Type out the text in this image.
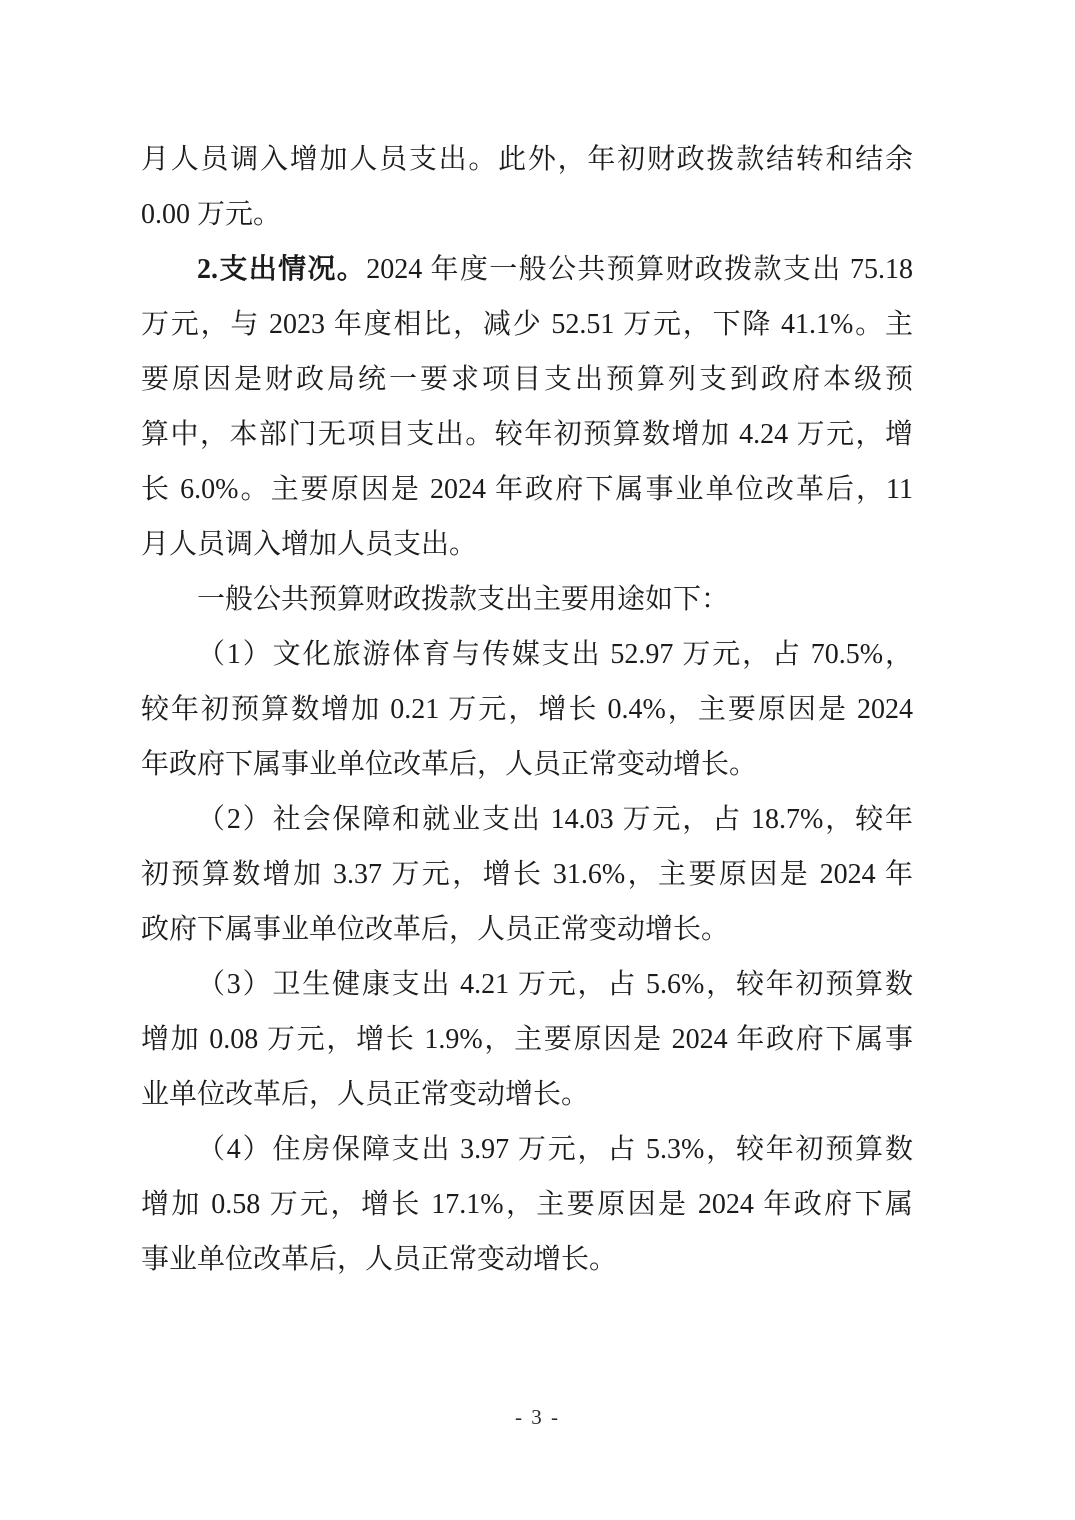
月人员调入增加人员支出。此外，年初财政拨款结转和结余
0.00 万元。
2.支出情况。2024 年度一般公共预算财政拨款支出 75.18
万元，与 2023 年度相比，减少 52.51 万元，下降 41.1%。主
要原因是财政局统一要求项目支出预算列支到政府本级预
算中，本部门无项目支出。较年初预算数增加 4.24 万元，增
长 6.0%。主要原因是 2024 年政府下属事业单位改革后，11
月人员调入增加人员支出。
一般公共预算财政拨款支出主要用途如下：
（1）文化旅游体育与传媒支出 52.97 万元，占 70.5%，
较年初预算数增加 0.21 万元，增长 0.4%，主要原因是 2024
年政府下属事业单位改革后，人员正常变动增长。
（2）社会保障和就业支出 14.03 万元，占 18.7%，较年
初预算数增加 3.37 万元，增长 31.6%，主要原因是 2024 年
政府下属事业单位改革后，人员正常变动增长。
（3）卫生健康支出 4.21 万元，占 5.6%，较年初预算数
增加 0.08 万元，增长 1.9%，主要原因是 2024 年政府下属事
业单位改革后，人员正常变动增长。
（4）住房保障支出 3.97 万元，占 5.3%，较年初预算数
增加 0.58 万元，增长 17.1%，主要原因是 2024 年政府下属
事业单位改革后，人员正常变动增长。
- 3 -
